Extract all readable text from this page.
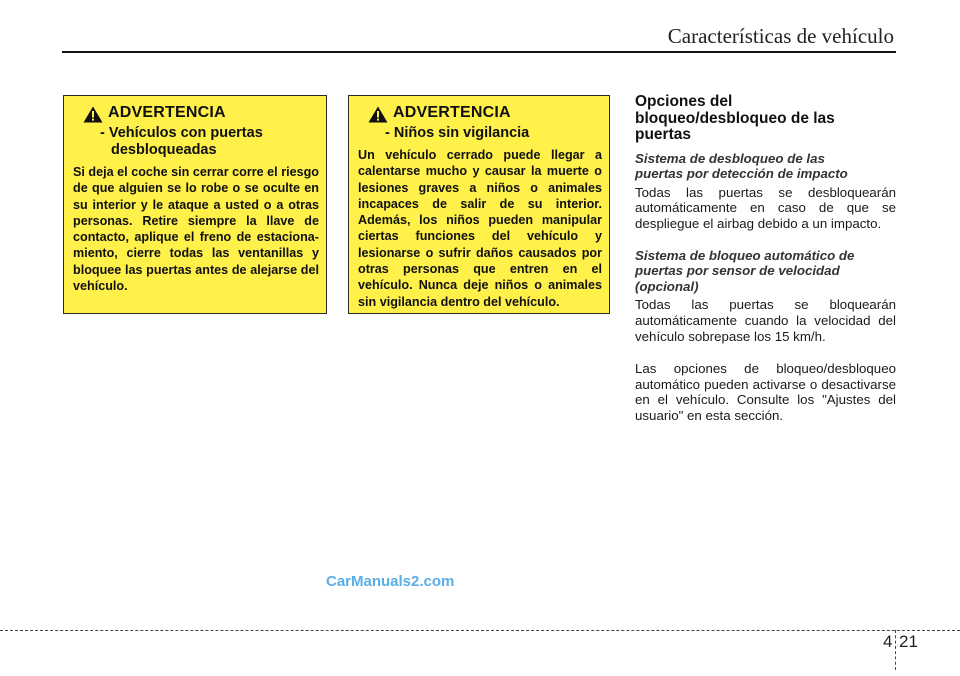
Características de vehículo
ADVERTENCIA
- Vehículos con puertas
desbloqueadas
Si deja el coche sin cerrar corre el riesgo de que alguien se lo robe o se oculte en su interior y le ataque a usted o a otras personas. Retire siempre la llave de contacto, aplique el freno de estaciona-miento, cierre todas las ventanillas y bloquee las puertas antes de alejarse del vehículo.
ADVERTENCIA
- Niños sin vigilancia
Un vehículo cerrado puede llegar a calentarse mucho y causar la muerte o lesiones graves a niños o animales incapaces de salir de su interior. Además, los niños pueden manipular ciertas funciones del vehículo y lesionarse o sufrir daños causados por otras personas que entren en el vehículo. Nunca deje niños o animales sin vigilancia dentro del vehículo.
Opciones del
bloqueo/desbloqueo de las
puertas
Sistema de desbloqueo de las
puertas por detección de impacto
Todas las puertas se desbloquearán automáticamente en caso de que se despliegue el airbag debido a un impacto.
Sistema de bloqueo automático de
puertas por sensor de velocidad
(opcional)
Todas las puertas se bloquearán automáticamente cuando la velocidad del vehículo sobrepase los 15 km/h.
Las opciones de bloqueo/desbloqueo automático pueden activarse o desactivarse en el vehículo. Consulte los "Ajustes del usuario" en esta sección.
CarManuals2.com
4 21
